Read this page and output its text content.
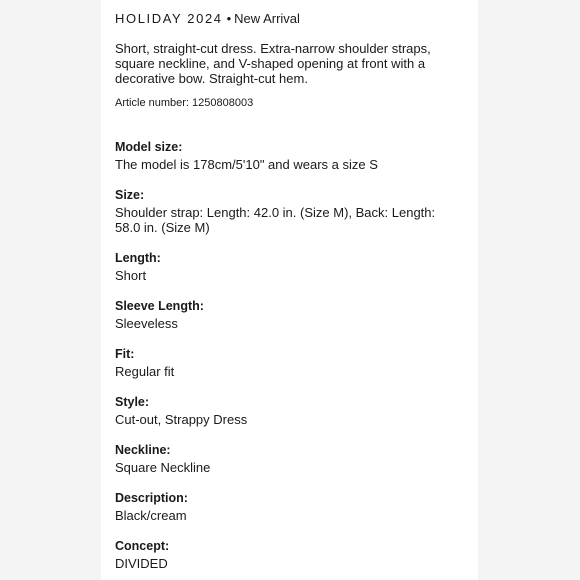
HOLIDAY 2024 • New Arrival

Short, straight-cut dress. Extra-narrow shoulder straps, square neckline, and V-shaped opening at front with a decorative bow. Straight-cut hem.

Article number: 1250808003

Model size:
The model is 178cm/5'10" and wears a size S
Size:
Shoulder strap: Length: 42.0 in. (Size M), Back: Length: 58.0 in. (Size M)
Length:
Short
Sleeve Length:
Sleeveless
Fit:
Regular fit
Style:
Cut-out, Strappy Dress
Neckline:
Square Neckline
Description:
Black/cream
Concept:
DIVIDED
